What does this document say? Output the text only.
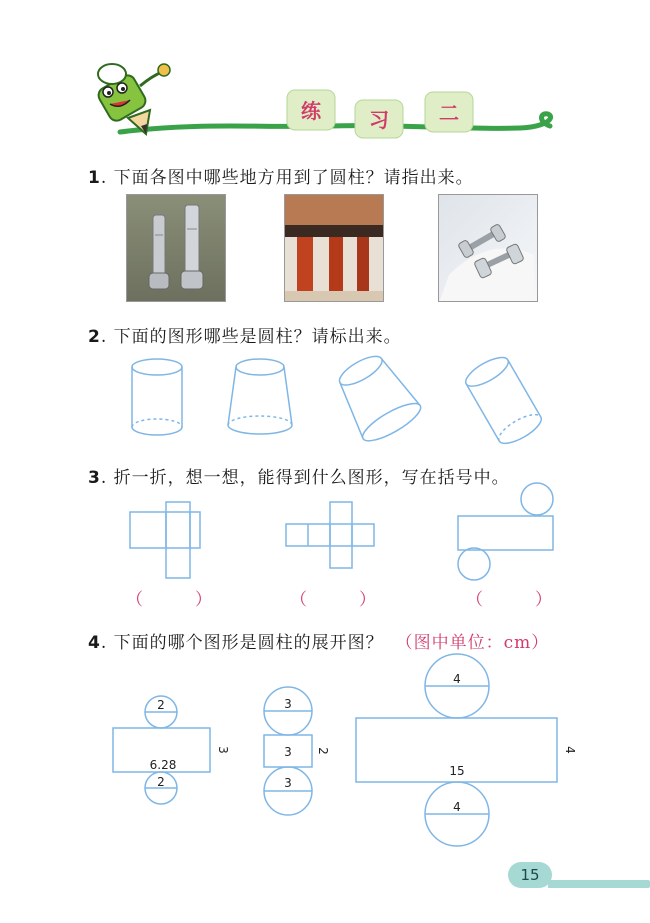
练 习	二
1. 下面各图中哪些地方用到了圆柱？请指出来。
2. 下面的图形哪些是圆柱？请标出来。
3. 折一折，想一想，能得到什么图形，写在括号中。
（	）	（	）	（	）
4. 下面的哪个图形是圆柱的展开图？ （图中单位：cm）
2
6.28
3
2
3
3 2
3
4
15
4
4
15
